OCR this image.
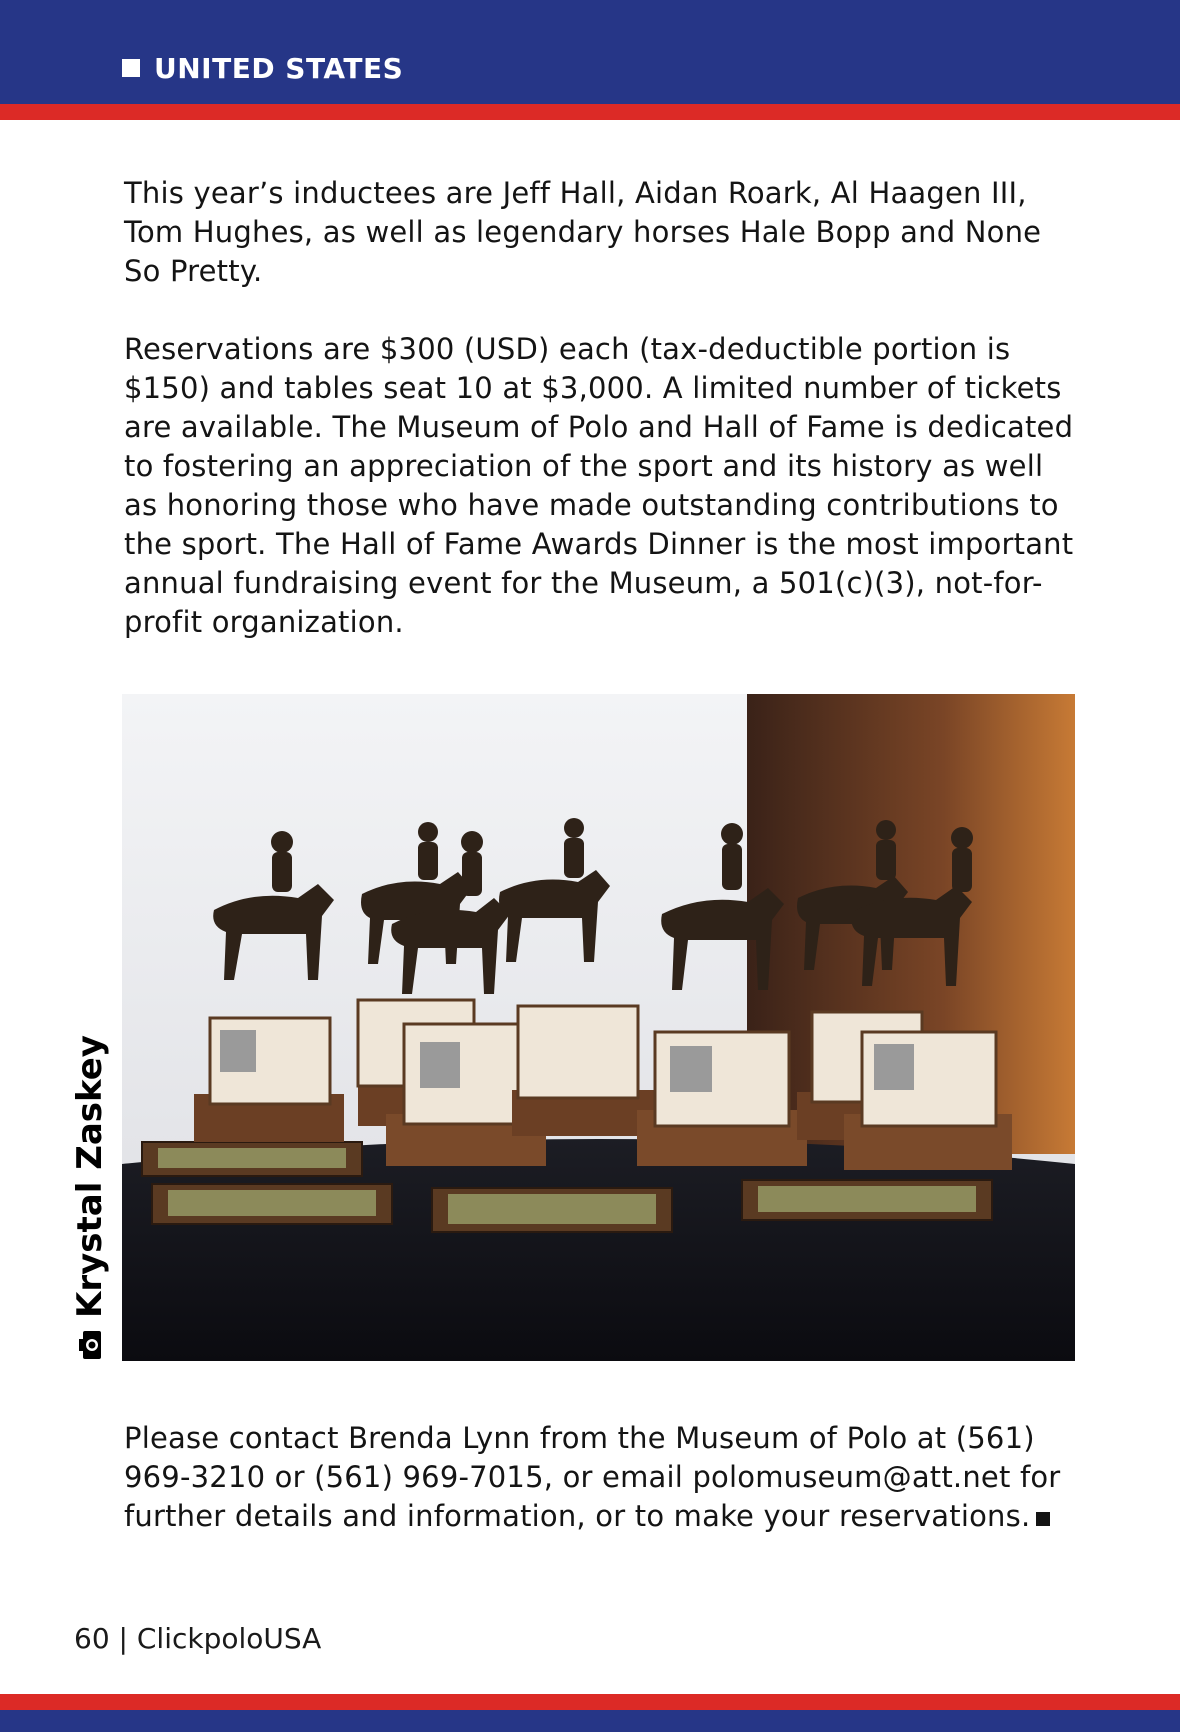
UNITED STATES

This year’s inductees are Jeff Hall, Aidan Roark, Al Haagen III, Tom Hughes, as well as legendary horses Hale Bopp and None So Pretty.

Reservations are $300 (USD) each (tax-deductible portion is $150) and tables seat 10 at $3,000. A limited number of tickets are available. The Museum of Polo and Hall of Fame is dedicated to fostering an appreciation of the sport and its history as well as honoring those who have made outstanding contributions to the sport. The Hall of Fame Awards Dinner is the most important annual fundraising event for the Museum, a 501(c)(3), not-for-profit organization.

Krystal Zaskey

Please contact Brenda Lynn from the Museum of Polo at (561) 969-3210 or (561) 969-7015, or email polomuseum@att.net for further details and information, or to make your reservations.

60 | ClickpoloUSA
